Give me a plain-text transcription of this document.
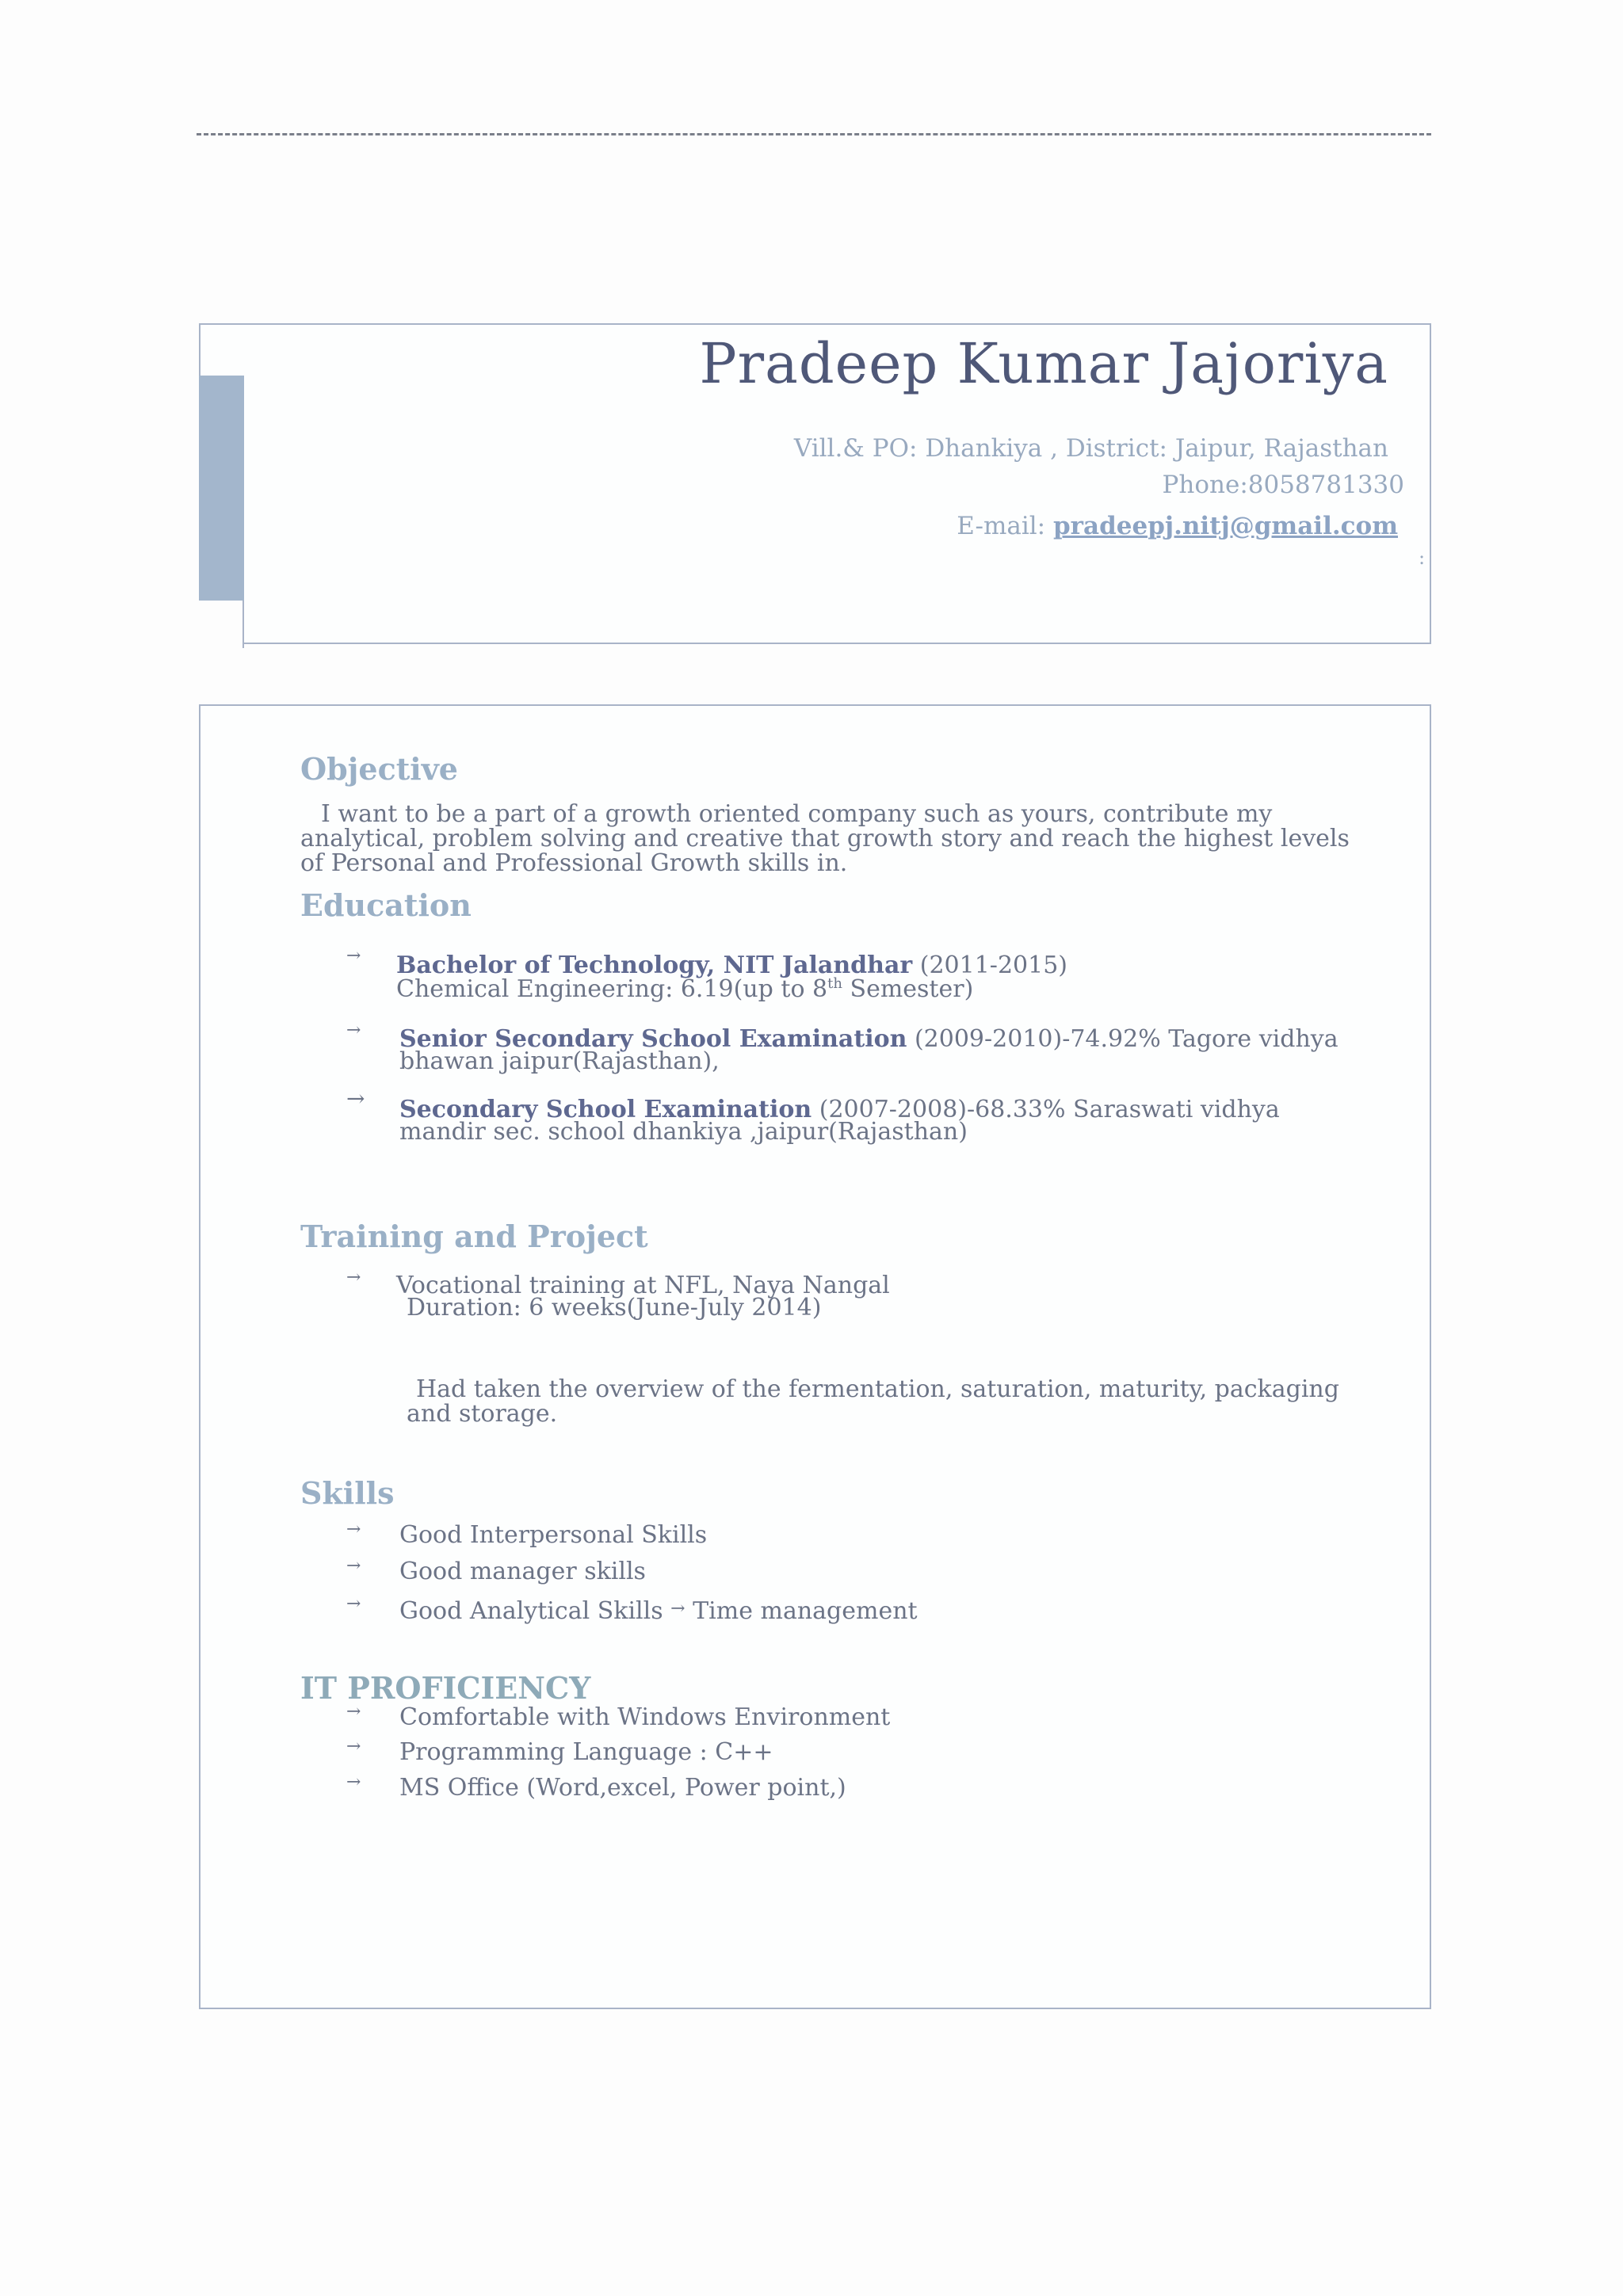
Pradeep Kumar Jajoriya
Vill.& PO: Dhankiya , District: Jaipur, Rajasthan
Phone:8058781330
E-mail: pradeepj.nitj@gmail.com
:
Objective
I want to be a part of a growth oriented company such as yours, contribute my analytical, problem solving and creative that growth story and reach the highest levels of Personal and Professional Growth skills in.
Education
→ Bachelor of Technology, NIT Jalandhar (2011-2015)
Chemical Engineering: 6.19(up to 8th Semester)
→ Senior Secondary School Examination (2009-2010)-74.92% Tagore vidhya
bhawan jaipur(Rajasthan),
→ Secondary School Examination (2007-2008)-68.33% Saraswati vidhya
mandir sec. school dhankiya ,jaipur(Rajasthan)
Training and Project
→ Vocational training at NFL, Naya Nangal
Duration: 6 weeks(June-July 2014)
Had taken the overview of the fermentation, saturation, maturity, packaging and storage.
Skills
→ Good Interpersonal Skills
→ Good manager skills
→ Good Analytical Skills → Time management
IT PROFICIENCY
→ Comfortable with Windows Environment
→ Programming Language : C++
→ MS Office (Word,excel, Power point,)
